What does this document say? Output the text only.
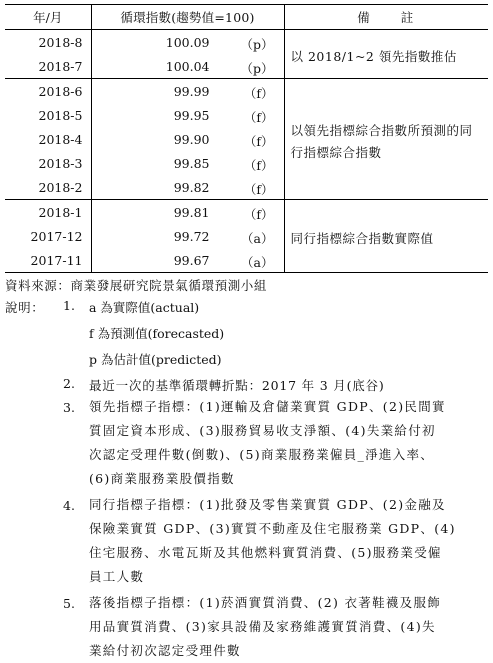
年/月	循環指數(趨勢值=100)	備　　註
2018-8	100.09 （p）	以 2018/1~2 領先指數推估
2018-7	100.04 （p）	

2018-6	99.99 （f）	以領先指標綜合指數所預測的同行指標綜合指數
2018-5	99.95 （f）	

2018-4	99.90 （f）	

2018-3	99.85 （f）	

2018-2	99.82 （f）	

2018-1	99.81 （f）	同行指標綜合指數實際值
2017-12	99.72 （a）	

2017-11	99.67 （a）	
資料來源：商業發展研究院景氣循環預測小組
說明： 1. a 為實際值(actual)
f 為預測值(forecasted)
p 為估計值(predicted)
2. 最近一次的基準循環轉折點：2017 年 3 月(底谷)
3. 領先指標子指標：(1)運輸及倉儲業實質 GDP、(2)民間實
質固定資本形成、(3)服務貿易收支淨額、(4)失業給付初
次認定受理件數(倒數)、(5)商業服務業僱員_淨進入率、
(6)商業服務業股價指數
4. 同行指標子指標：(1)批發及零售業實質 GDP、(2)金融及
保險業實質 GDP、(3)實質不動產及住宅服務業 GDP、(4)
住宅服務、水電瓦斯及其他燃料實質消費、(5)服務業受僱
員工人數
5. 落後指標子指標：(1)菸酒實質消費、(2) 衣著鞋襪及服飾
用品實質消費、(3)家具設備及家務維護實質消費、(4)失
業給付初次認定受理件數
